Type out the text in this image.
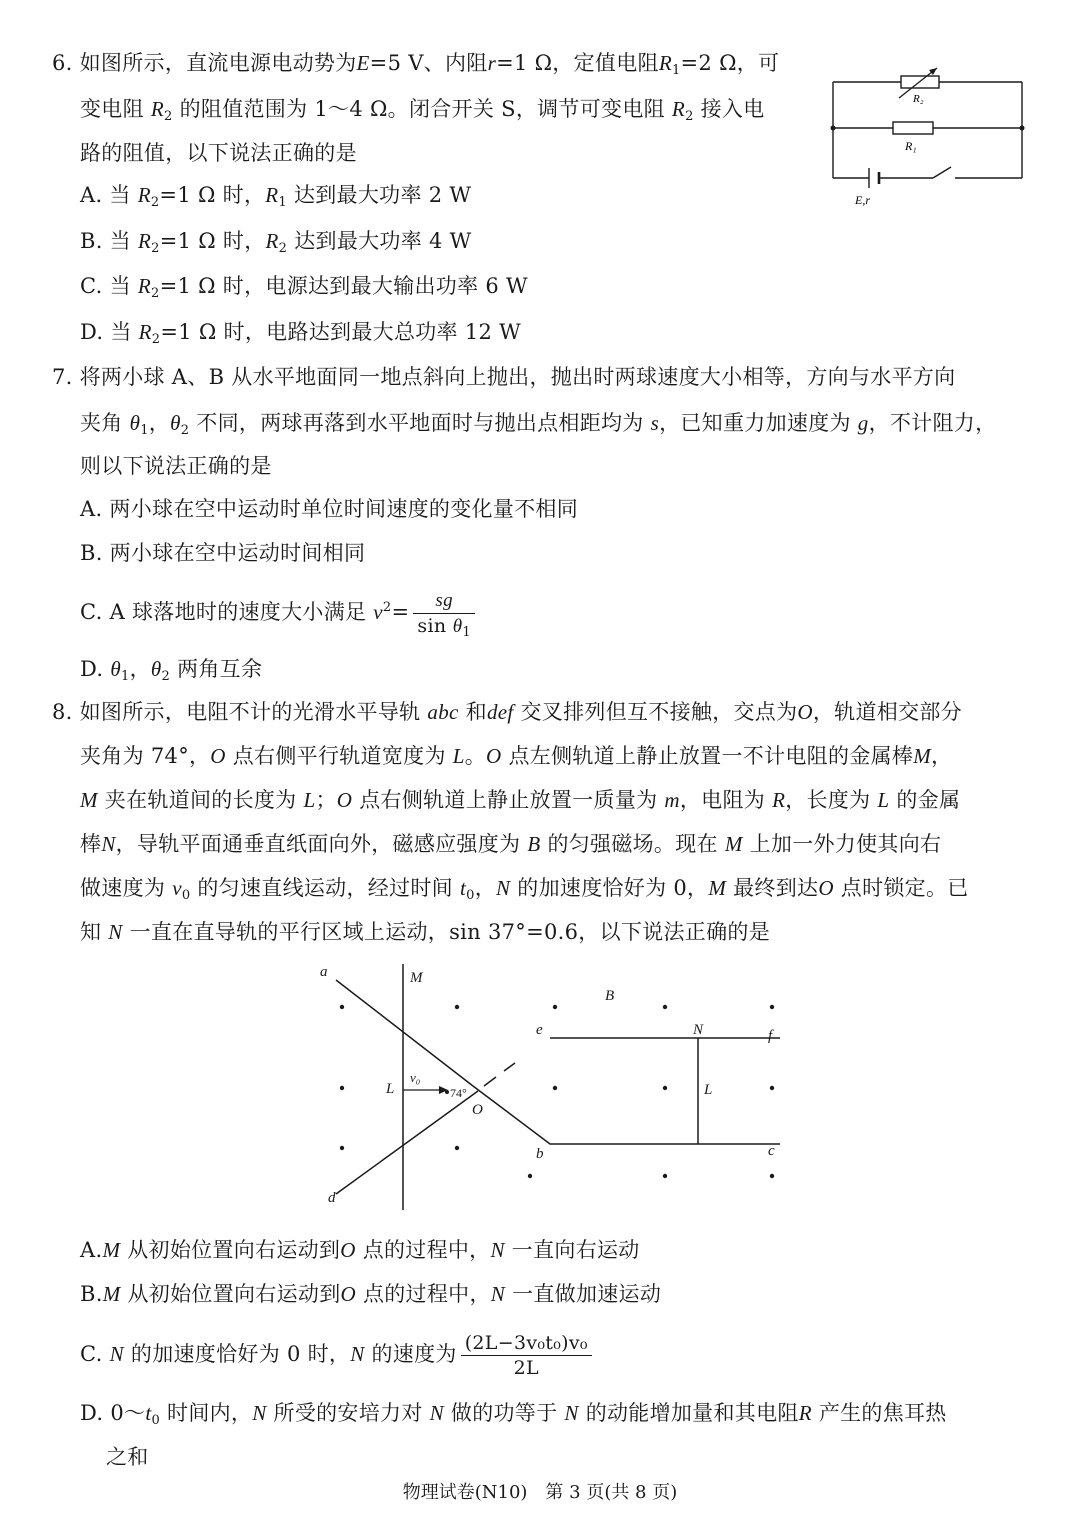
6. 如图所示，直流电源电动势为E=5 V、内阻r=1 Ω，定值电阻$R_1=2$ Ω，可
变电阻 $R_2$ 的阻值范围为 1～4 Ω。闭合开关 S，调节可变电阻 $R_2$ 接入电
路的阻值，以下说法正确的是
A. 当 $R_2=1$ Ω 时，$R_1$ 达到最大功率 2 W
B. 当 $R_2=1$ Ω 时，$R_2$ 达到最大功率 4 W
C. 当 $R_2=1$ Ω 时，电源达到最大输出功率 6 W
D. 当 $R_2=1$ Ω 时，电路达到最大总功率 12 W
R₂
R₁
E,r
7. 将两小球 A、B 从水平地面同一地点斜向上抛出，抛出时两球速度大小相等，方向与水平方向
夹角 $\theta_1$，$\theta_2$ 不同，两球再落到水平地面时与抛出点相距均为 s，已知重力加速度为 g，不计阻力，
则以下说法正确的是
A. 两小球在空中运动时单位时间速度的变化量不相同
B. 两小球在空中运动时间相同
C. A 球落地时的速度大小满足 $v^2= \frac{sg}{\sin \theta_1}$
D. $\theta_1$，$\theta_2$ 两角互余
8. 如图所示，电阻不计的光滑水平导轨 abc 和def 交叉排列但互不接触，交点为O，轨道相交部分
夹角为 74°，O 点右侧平行轨道宽度为 L。O 点左侧轨道上静止放置一不计电阻的金属棒M，
M 夹在轨道间的长度为 L；O 点右侧轨道上静止放置一质量为 m，电阻为 R，长度为 L 的金属
棒N，导轨平面通垂直纸面向外，磁感应强度为 B 的匀强磁场。现在 M 上加一外力使其向右
做速度为 $v_0$ 的匀速直线运动，经过时间 $t_0$，N 的加速度恰好为 0，M 最终到达O 点时锁定。已
知 N 一直在直导轨的平行区域上运动，sin 37°=0.6，以下说法正确的是
a	M
B
e	N	f
L
v₀
74°
O
L
b	c
d
A.M 从初始位置向右运动到O 点的过程中，N 一直向右运动
B.M 从初始位置向右运动到O 点的过程中，N 一直做加速运动
C. N 的加速度恰好为 0 时，N 的速度为 $\frac{\text{(2L−3v₀t₀)v₀}}{2L}$
D. $0\sim t_0$ 时间内，N 所受的安培力对 N 做的功等于 N 的动能增加量和其电阻R 产生的焦耳热
之和
物理试卷(N10)　第 3 页(共 8 页)
